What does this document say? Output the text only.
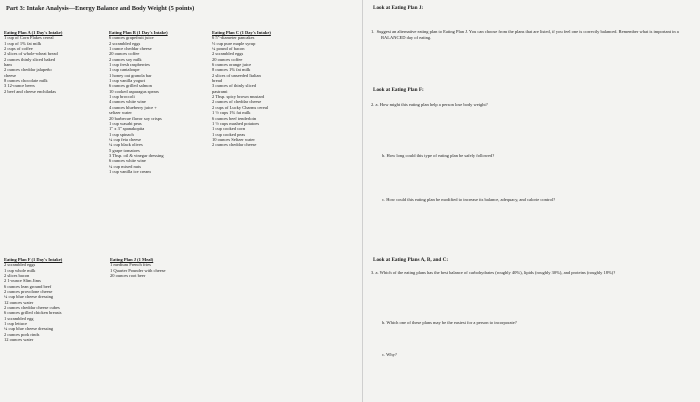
Part 3: Intake Analysis—Energy Balance and Body Weight (5 points)
Eating Plan A (1 Day's Intake)
1 cup of Corn Flakes cereal
1 cup of 1% fat milk
2 cups of coffee
2 slices of whole-wheat bread
2 ounces thinly sliced baked
ham
2 ounces cheddar jalapeño
cheese
8 ounces chocolate milk
3 12-ounce beers
2 beef and cheese enchiladas
Eating Plan B (1 Day's Intake)
6 ounces grapefruit juice
2 scrambled eggs
1 ounce cheddar cheese
20 ounces coffee
2 ounces soy milk
1 cup fresh raspberries
1 cup cantaloupe
1 honey oat granola bar
1 cup vanilla yogurt
6 ounces grilled salmon
10 cooked asparagus spears
1 cup broccoli
4 ounces white wine
4 ounces blueberry juice +
seltzer water
20 barbecue flavor soy crisps
1 cup wasabi peas
1" x 3" spanakopita
1 cup spinach
¼ cup feta cheese
¼ cup black olives
5 grape tomatoes
3 Tbsp. oil & vinegar dressing
6 ounces white wine
¼ cup mixed nuts
1 cup vanilla ice cream
Eating Plan C (1 Day's Intake)
6 5"-diameter pancakes
⅓ cup pure maple syrup
¼ pound of bacon
2 scrambled eggs
20 ounces coffee
6 ounces orange juice
8 ounces 1% fat milk
2 slices of unseeded Italian
bread
3 ounces of thinly sliced
pastrami
2 Tbsp. spicy brown mustard
2 ounces of cheddar cheese
2 cups of Lucky Charms cereal
1 ½ cups 1% fat milk
6 ounces beef tenderloin
1 ½ cups mashed potatoes
1 cup cooked corn
1 cup cooked peas
10 ounces Seltzer water
2 ounces cheddar cheese
Eating Plan F (1 Day's Intake)
2 scrambled eggs
1 cup whole milk
2 slices bacon
2 1-ounce Slim Jims
6 ounces lean ground beef
2 ounces provolone cheese
¼ cup blue cheese dressing
12 ounces water
2 ounces cheddar cheese cubes
6 ounces grilled chicken breasts
1 scrambled egg
1 cup lettuce
¼ cup blue cheese dressing
2 ounces pork rinds
12 ounces water
Eating Plan J (1 Meal)
1 medium French fries
1 Quarter Pounder with cheese
20 ounces root beer
Look at Eating Plan J:
1. Suggest an alternative eating plan to Eating Plan J. You can choose from the plans that are listed, if you feel one is correctly balanced. Remember what is important in a BALANCED day of eating.
Look at Eating Plan F:
2. a. How might this eating plan help a person lose body weight?
b. How long could this type of eating plan be safely followed?
c. How could this eating plan be modified to increase its balance, adequacy, and calorie control?
Look at Eating Plans A, B, and C:
3. a. Which of the eating plans has the best balance of carbohydrates (roughly 40%), lipids (roughly 30%), and proteins (roughly 18%)?
b. Which one of these plans may be the easiest for a person to incorporate?
c. Why?
